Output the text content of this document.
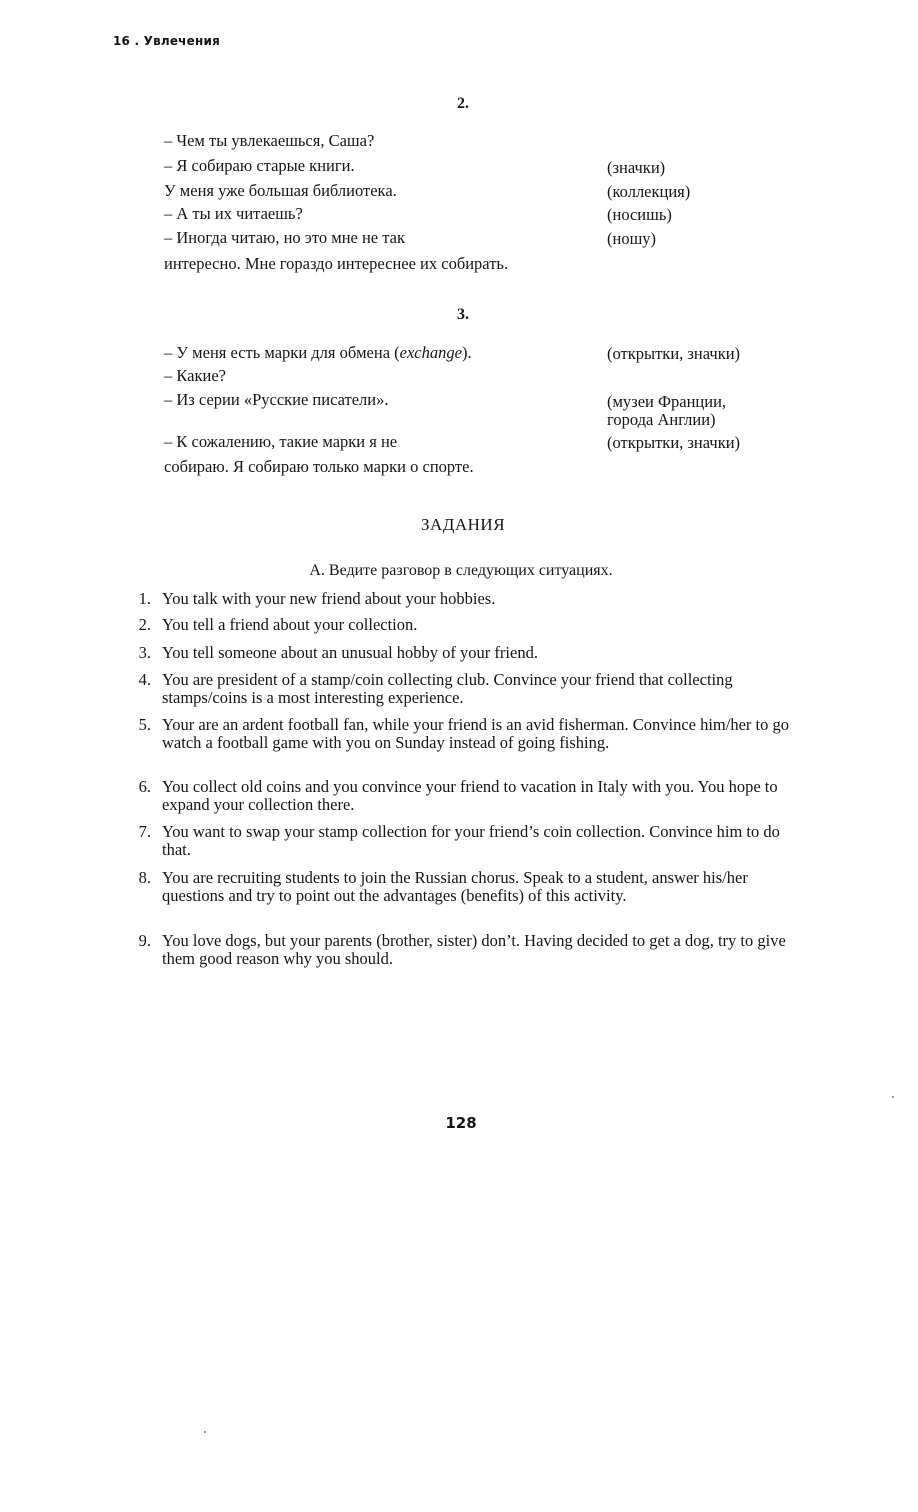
16 . Увлечения
2.
– Чем ты увлекаешься, Саша?
– Я собираю старые книги.
У меня уже большая библиотека.
– А ты их читаешь?
– Иногда читаю, но это мне не так
интересно. Мне гораздо интереснее их собирать.
(значки)
(коллекция)
(носишь)
(ношу)
3.
– У меня есть марки для обмена (exchange).
– Какие?
– Из серии «Русские писатели».
– К сожалению, такие марки я не
собираю. Я собираю только марки о спорте.
(открытки, значки)
(музеи Франции,
города Англии)
(открытки, значки)
ЗАДАНИЯ
А. Ведите разговор в следующих ситуациях.
1. You talk with your new friend about your hobbies.
2. You tell a friend about your collection.
3. You tell someone about an unusual hobby of your friend.
4. You are president of a stamp/coin collecting club. Convince your friend that collecting stamps/coins is a most interesting experience.
5. Your are an ardent football fan, while your friend is an avid fisherman. Convince him/her to go watch a football game with you on Sunday instead of going fishing.
6. You collect old coins and you convince your friend to vacation in Italy with you. You hope to expand your collection there.
7. You want to swap your stamp collection for your friend’s coin collection. Convince him to do that.
8. You are recruiting students to join the Russian chorus. Speak to a student, answer his/her questions and try to point out the advantages (benefits) of this activity.
9. You love dogs, but your parents (brother, sister) don’t. Having decided to get a dog, try to give them good reason why you should.
128
